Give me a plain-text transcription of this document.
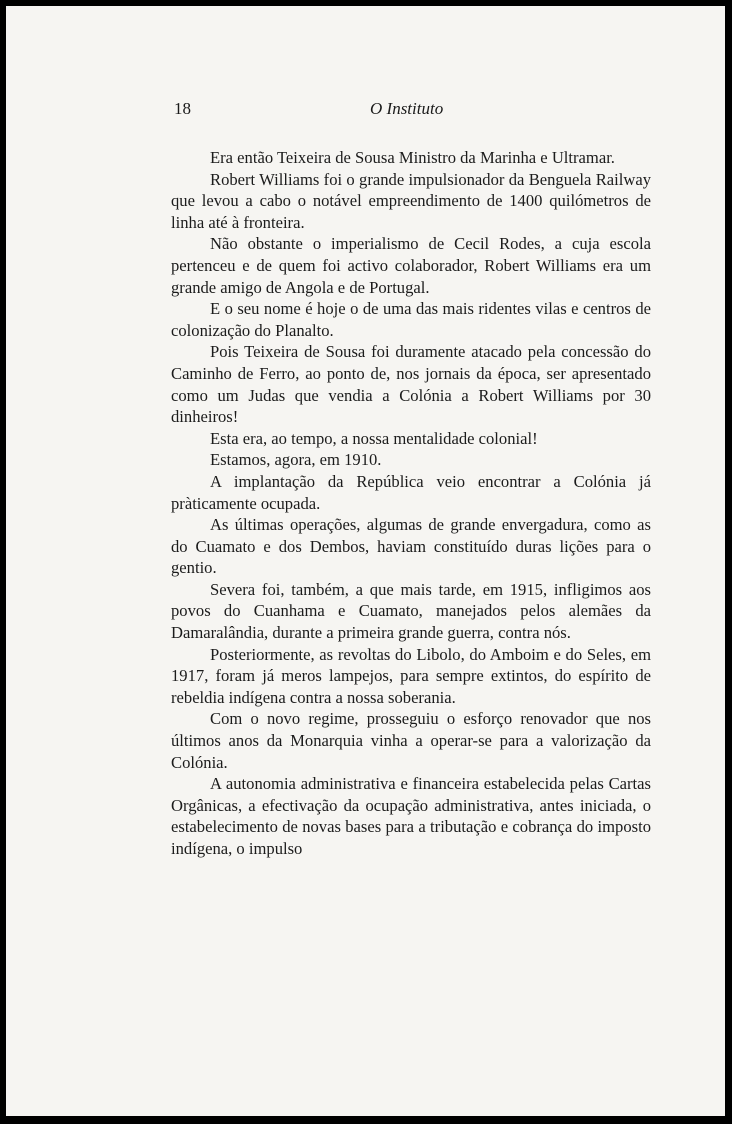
18	O Instituto

Era então Teixeira de Sousa Ministro da Marinha e Ultramar.

Robert Williams foi o grande impulsionador da Benguela Railway que levou a cabo o notável empreendimento de 1400 quilómetros de linha até à fronteira.

Não obstante o imperialismo de Cecil Rodes, a cuja escola pertenceu e de quem foi activo colaborador, Robert Williams era um grande amigo de Angola e de Portugal.

E o seu nome é hoje o de uma das mais ridentes vilas e centros de colonização do Planalto.

Pois Teixeira de Sousa foi duramente atacado pela concessão do Caminho de Ferro, ao ponto de, nos jornais da época, ser apresentado como um Judas que vendia a Colónia a Robert Williams por 30 dinheiros!

Esta era, ao tempo, a nossa mentalidade colonial!

Estamos, agora, em 1910.

A implantação da República veio encontrar a Colónia já pràticamente ocupada.

As últimas operações, algumas de grande envergadura, como as do Cuamato e dos Dembos, haviam constituído duras lições para o gentio.

Severa foi, também, a que mais tarde, em 1915, infligimos aos povos do Cuanhama e Cuamato, manejados pelos alemães da Damaralândia, durante a primeira grande guerra, contra nós.

Posteriormente, as revoltas do Libolo, do Amboim e do Seles, em 1917, foram já meros lampejos, para sempre extintos, do espírito de rebeldia indígena contra a nossa soberania.

Com o novo regime, prosseguiu o esforço renovador que nos últimos anos da Monarquia vinha a operar-se para a valorização da Colónia.

A autonomia administrativa e financeira estabelecida pelas Cartas Orgânicas, a efectivação da ocupação administrativa, antes iniciada, o estabelecimento de novas bases para a tributação e cobrança do imposto indígena, o impulso
